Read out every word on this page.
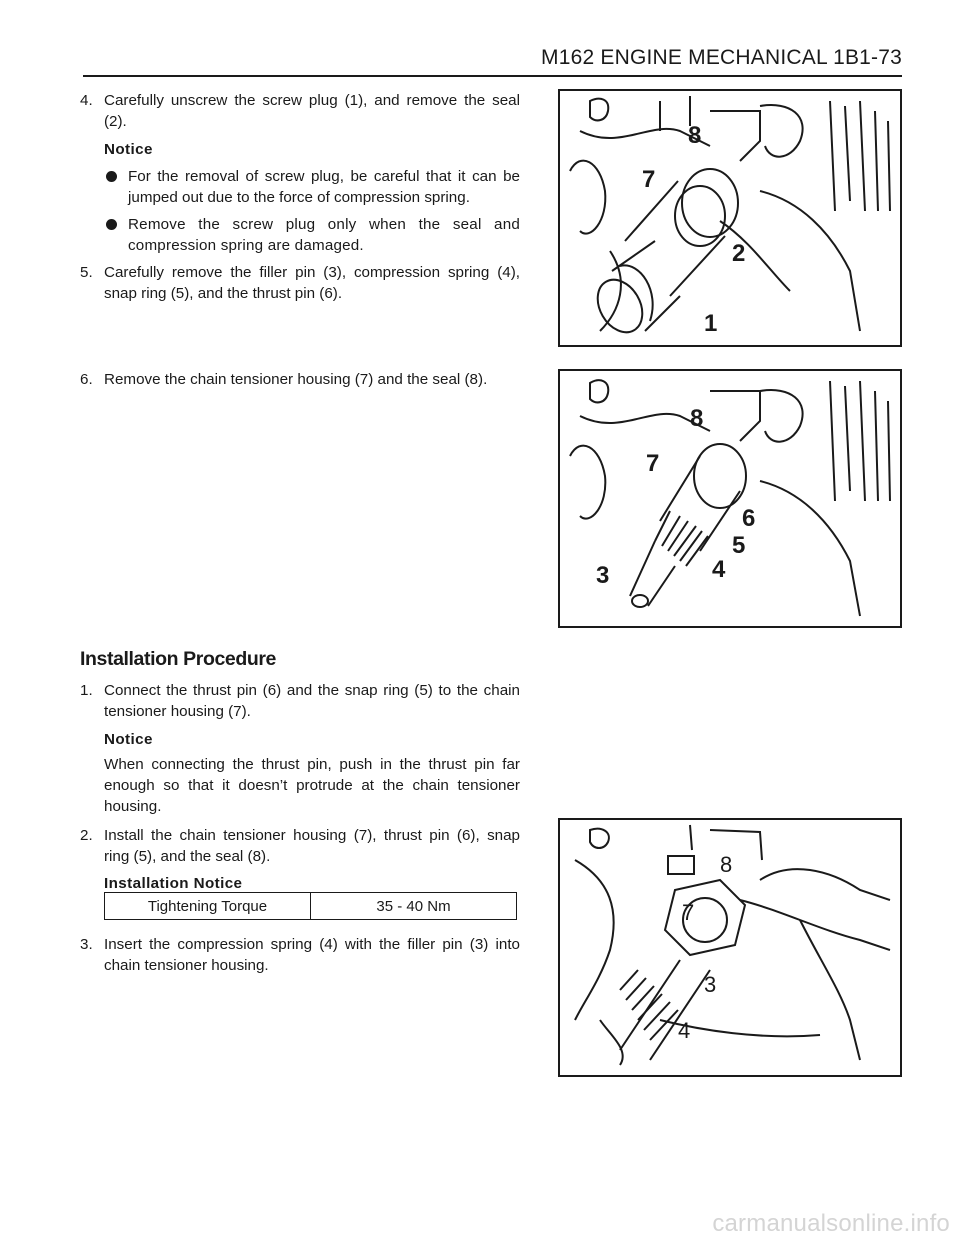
M162 ENGINE MECHANICAL 1B1-73
4. Carefully unscrew the screw plug (1), and remove the seal (2).
Notice
For the removal of screw plug, be careful that it can be jumped out due to the force of compression spring.
Remove the screw plug only when the seal and compression spring are damaged.
5. Carefully remove the filler pin (3), compression spring (4), snap ring (5), and the thrust pin (6).
6. Remove the chain tensioner housing (7) and the seal (8).
Installation Procedure
1. Connect the thrust pin (6) and the snap ring (5) to the chain tensioner housing (7).
Notice
When connecting the thrust pin, push in the thrust pin far enough so that it doesn’t protrude at the chain tensioner housing.
2. Install the chain tensioner housing (7), thrust pin (6), snap ring (5), and the seal (8).
Installation Notice
Tightening Torque	35 - 40 Nm
3. Insert the compression spring (4) with the filler pin (3) into chain tensioner housing.
8
7
2
1
8
7
6
5
4
3
8
7
3
4
carmanualsonline.info
